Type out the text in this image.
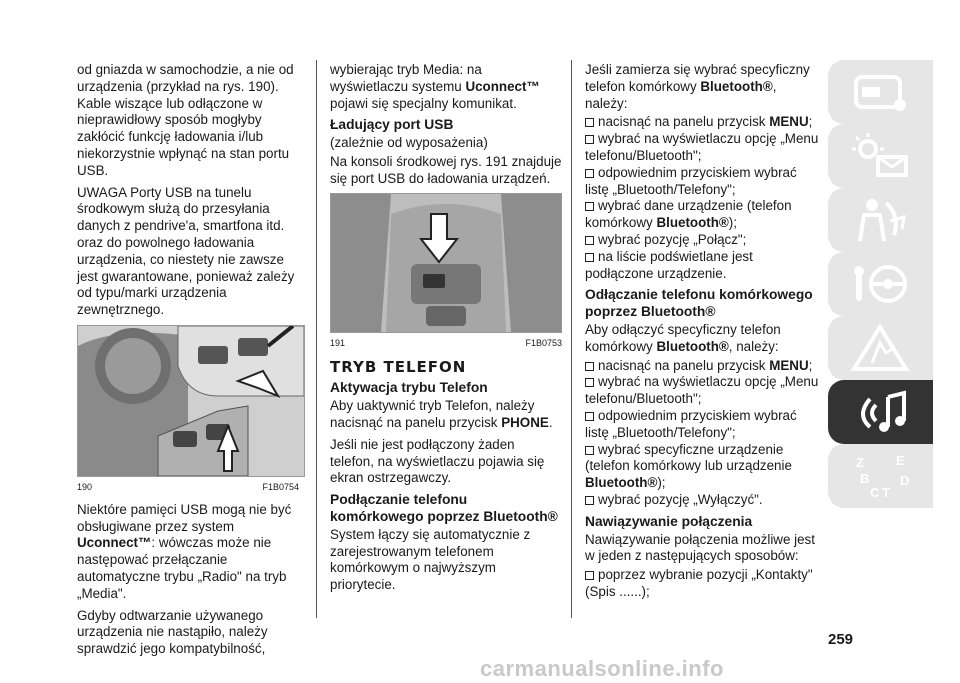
od gniazda w samochodzie, a nie od urządzenia (przykład na rys. 190). Kable wiszące lub odłączone w nieprawidłowy sposób mogłyby zakłócić funkcję ładowania i/lub niekorzystnie wpłynąć na stan portu USB.

UWAGA Porty USB na tunelu środkowym służą do przesyłania danych z pendrive'a, smartfona itd. oraz do powolnego ładowania urządzenia, co niestety nie zawsze jest gwarantowane, ponieważ zależy od typu/marki urządzenia zewnętrznego.

190	F1B0754

Niektóre pamięci USB mogą nie być obsługiwane przez system Uconnect™: wówczas może nie następować przełączanie automatyczne trybu „Radio" na tryb „Media".

Gdyby odtwarzanie używanego urządzenia nie nastąpiło, należy sprawdzić jego kompatybilność,

wybierając tryb Media: na wyświetlaczu systemu Uconnect™ pojawi się specjalny komunikat.

Ładujący port USB

(zależnie od wyposażenia)

Na konsoli środkowej rys. 191 znajduje się port USB do ładowania urządzeń.

191	F1B0753
TRYB TELEFON
Aktywacja trybu Telefon

Aby uaktywnić tryb Telefon, należy nacisnąć na panelu przycisk PHONE.

Jeśli nie jest podłączony żaden telefon, na wyświetlaczu pojawia się ekran ostrzegawczy.

Podłączanie telefonu komórkowego poprzez Bluetooth®

System łączy się automatycznie z zarejestrowanym telefonem komórkowym o najwyższym priorytecie.

Jeśli zamierza się wybrać specyficzny telefon komórkowy Bluetooth®, należy:

nacisnąć na panelu przycisk MENU;

wybrać na wyświetlaczu opcję „Menu telefonu/Bluetooth";

odpowiednim przyciskiem wybrać listę „Bluetooth/Telefony";

wybrać dane urządzenie (telefon komórkowy Bluetooth®);

wybrać pozycję „Połącz";

na liście podświetlane jest podłączone urządzenie.

Odłączanie telefonu komórkowego poprzez Bluetooth®

Aby odłączyć specyficzny telefon komórkowy Bluetooth®, należy:

nacisnąć na panelu przycisk MENU;

wybrać na wyświetlaczu opcję „Menu telefonu/Bluetooth";

odpowiednim przyciskiem wybrać listę „Bluetooth/Telefony";

wybrać specyficzne urządzenie (telefon komórkowy lub urządzenie Bluetooth®);

wybrać pozycję „Wyłączyć".

Nawiązywanie połączenia

Nawiązywanie połączenia możliwe jest w jeden z następujących sposobów:

poprzez wybranie pozycji „Kontakty" (Spis ......);

Z E
B
C T
D
259
carmanualsonline.info
